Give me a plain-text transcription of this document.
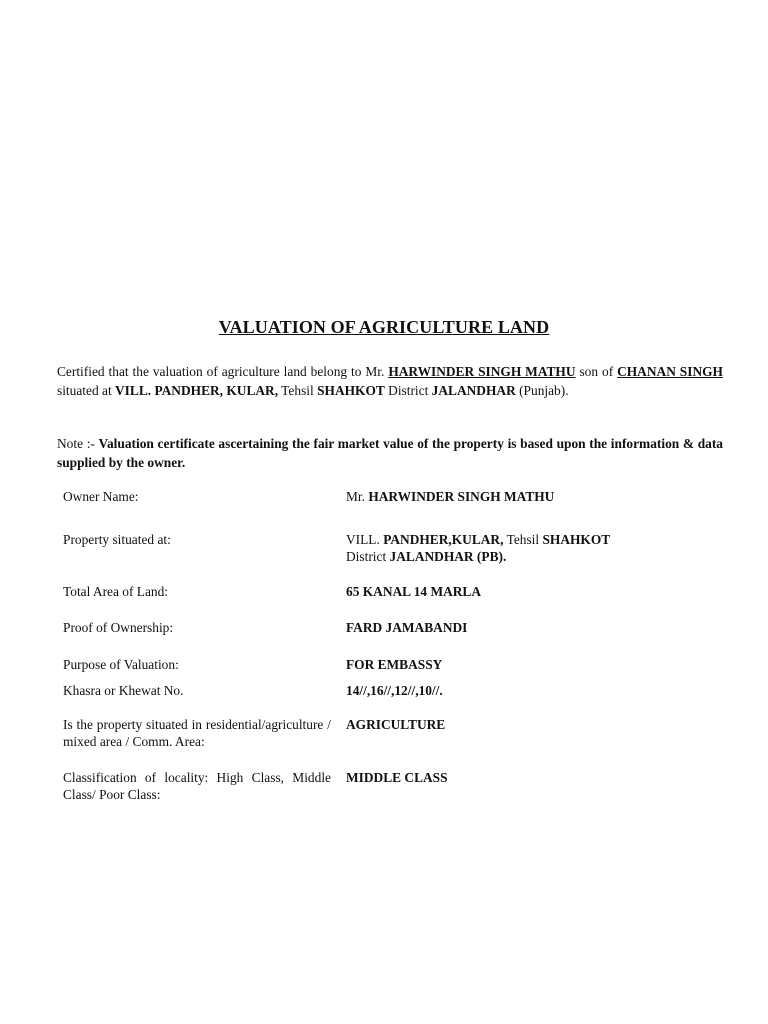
VALUATION OF AGRICULTURE LAND
Certified that the valuation of agriculture land belong to Mr. HARWINDER SINGH MATHU son of CHANAN SINGH situated at VILL. PANDHER, KULAR, Tehsil SHAHKOT District JALANDHAR (Punjab).
Note :- Valuation certificate ascertaining the fair market value of the property is based upon the information & data supplied by the owner.
Owner Name:	Mr. HARWINDER SINGH MATHU
Property situated at:	VILL. PANDHER,KULAR, Tehsil SHAHKOT
District JALANDHAR (PB).
Total Area of Land:	65 KANAL 14 MARLA
Proof of Ownership:	FARD JAMABANDI
Purpose of Valuation:	FOR EMBASSY
Khasra or Khewat No.	14//,16//,12//,10//.
Is the property situated in residential/agriculture / mixed area / Comm. Area:
AGRICULTURE
Classification of locality: High Class, Middle Class/ Poor Class:
MIDDLE CLASS
